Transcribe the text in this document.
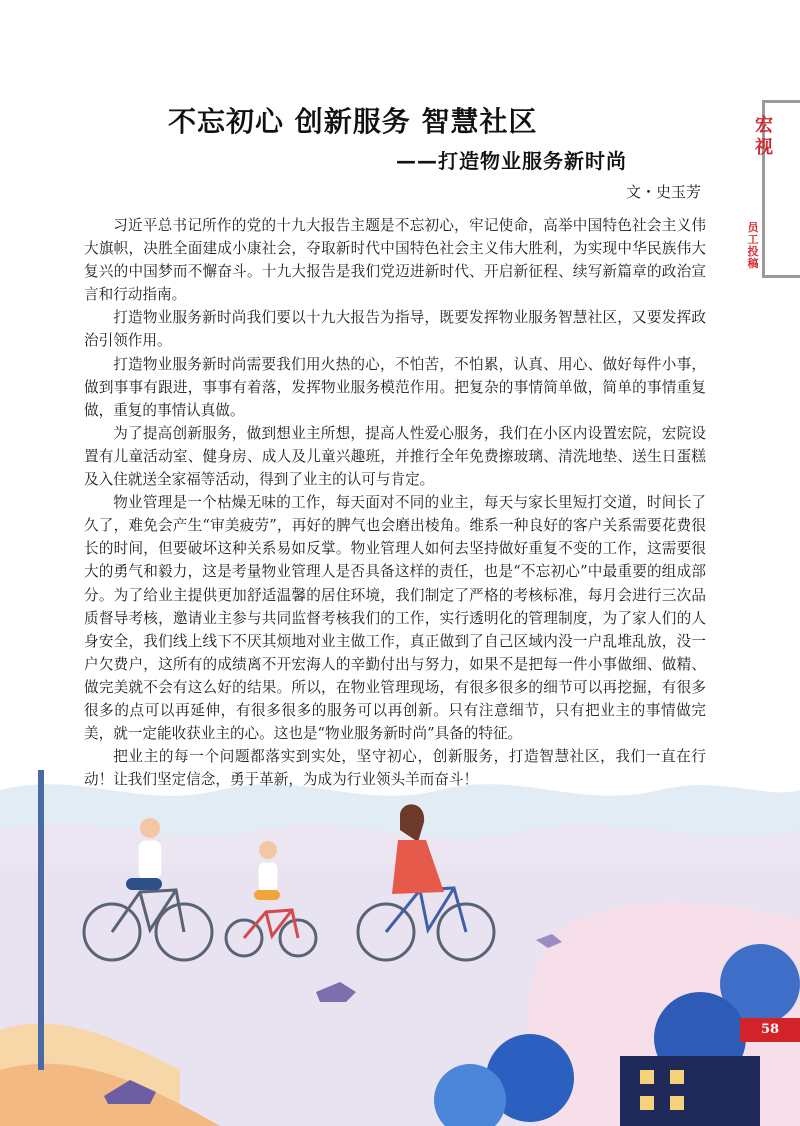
宏视
员工投稿
不忘初心 创新服务 智慧社区
——打造物业服务新时尚
文・史玉芳
58

习近平总书记所作的党的十九大报告主题是不忘初心，牢记使命，高举中国特色社会主义伟大旗帜，决胜全面建成小康社会，夺取新时代中国特色社会主义伟大胜利，为实现中华民族伟大复兴的中国梦而不懈奋斗。十九大报告是我们党迈进新时代、开启新征程、续写新篇章的政治宣言和行动指南。

打造物业服务新时尚我们要以十九大报告为指导，既要发挥物业服务智慧社区，又要发挥政治引领作用。

打造物业服务新时尚需要我们用火热的心，不怕苦，不怕累，认真、用心、做好每件小事，做到事事有跟进，事事有着落，发挥物业服务模范作用。把复杂的事情简单做，简单的事情重复做，重复的事情认真做。

为了提高创新服务，做到想业主所想，提高人性爱心服务，我们在小区内设置宏院，宏院设置有儿童活动室、健身房、成人及儿童兴趣班，并推行全年免费擦玻璃、清洗地垫、送生日蛋糕及入住就送全家福等活动，得到了业主的认可与肯定。

物业管理是一个枯燥无味的工作，每天面对不同的业主，每天与家长里短打交道，时间长了久了，难免会产生“审美疲劳”，再好的脾气也会磨出棱角。维系一种良好的客户关系需要花费很长的时间，但要破坏这种关系易如反掌。物业管理人如何去坚持做好重复不变的工作，这需要很大的勇气和毅力，这是考量物业管理人是否具备这样的责任，也是“不忘初心”中最重要的组成部分。为了给业主提供更加舒适温馨的居住环境，我们制定了严格的考核标准，每月会进行三次品质督导考核，邀请业主参与共同监督考核我们的工作，实行透明化的管理制度，为了家人们的人身安全，我们线上线下不厌其烦地对业主做工作，真正做到了自己区域内没一户乱堆乱放，没一户欠费户，这所有的成绩离不开宏海人的辛勤付出与努力，如果不是把每一件小事做细、做精、做完美就不会有这么好的结果。所以，在物业管理现场，有很多很多的细节可以再挖掘，有很多很多的点可以再延伸，有很多很多的服务可以再创新。只有注意细节，只有把业主的事情做完美，就一定能收获业主的心。这也是“物业服务新时尚”具备的特征。

把业主的每一个问题都落实到实处，坚守初心，创新服务，打造智慧社区，我们一直在行动！让我们坚定信念，勇于革新，为成为行业领头羊而奋斗！
